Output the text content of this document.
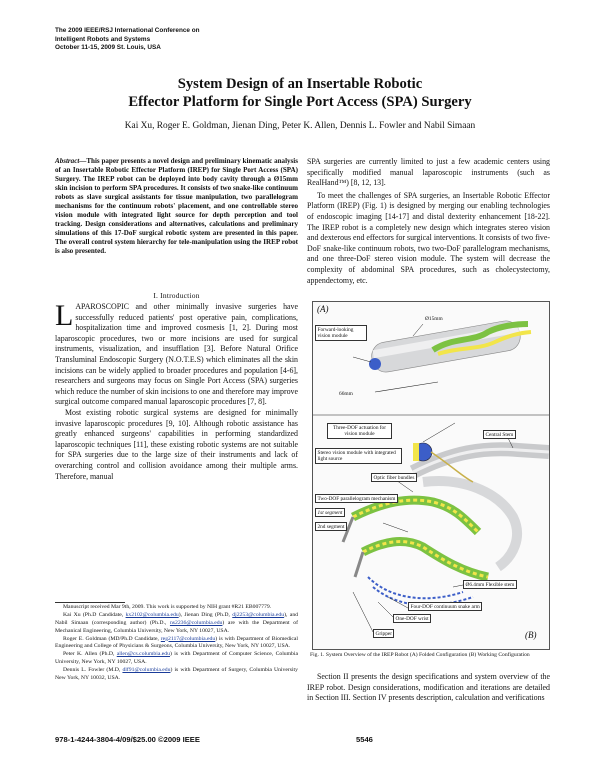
The 2009 IEEE/RSJ International Conference on
Intelligent Robots and Systems
October 11-15, 2009 St. Louis, USA
System Design of an Insertable Robotic
Effector Platform for Single Port Access (SPA) Surgery
Kai Xu, Roger E. Goldman, Jienan Ding, Peter K. Allen, Dennis L. Fowler and Nabil Simaan
Abstract—This paper presents a novel design and preliminary kinematic analysis of an Insertable Robotic Effector Platform (IREP) for Single Port Access (SPA) Surgery. The IREP robot can be deployed into body cavity through a Ø15mm skin incision to perform SPA procedures. It consists of two snake-like continuum robots as slave surgical assistants for tissue manipulation, two parallelogram mechanisms for the continuum robots' placement, and one controllable stereo vision module with integrated light source for depth perception and tool tracking. Design considerations and alternatives, calculations and preliminary simulations of this 17-DoF surgical robotic system are presented in this paper. The overall control system hierarchy for tele-manipulation using the IREP robot is also presented.
I. Introduction

LAPAROSCOPIC and other minimally invasive surgeries have successfully reduced patients' post operative pain, complications, hospitalization time and improved cosmesis [1, 2]. During most laparoscopic procedures, two or more incisions are used for surgical instruments, visualization, and insufflation [3]. Before Natural Orifice Transluminal Endoscopic Surgery (N.O.T.E.S) which eliminates all the skin incisions can be widely applied to broader procedures and population [4-6], researchers and surgeons may focus on Single Port Access (SPA) surgeries which reduce the number of skin incisions to one and therefore may improve surgical outcome compared manual laparoscopic procedures [7, 8].

Most existing robotic surgical systems are designed for minimally invasive laparoscopic procedures [9, 10]. Although robotic assistance has greatly enhanced surgeons' capabilities in performing standardized laparoscopic techniques [11], these existing robotic systems are not suitable for SPA surgeries due to the large size of their instruments and lack of overarching control and collision avoidance among their multiple arms. Therefore, manual

Manuscript received Mar 9th, 2009. This work is supported by NIH grant #R21 EB007779.

Kai Xu (Ph.D Candidate, kx2102@columbia.edu), Jienan Ding (Ph.D, dj2253@columbia.edu), and Nabil Simaan (corresponding author) (Ph.D., ns2236@columbia.edu) are with the Department of Mechanical Engineering, Columbia University, New York, NY 10027, USA.

Roger E. Goldman (MD/Ph.D Candidate, reg2117@columbia.edu) is with Department of Biomedical Engineering and College of Physicians & Surgeons, Columbia University, New York, NY 10027, USA.

Peter K. Allen (Ph.D, allen@cs.columbia.edu) is with Department of Computer Science, Columbia University, New York, NY 10027, USA.

Dennis L. Fowler (M.D, dlf91@columbia.edu) is with Department of Surgery, Columbia University New York, NY 10032, USA.

SPA surgeries are currently limited to just a few academic centers using specifically modified manual laparoscopic instruments (such as RealHand™) [8, 12, 13].

To meet the challenges of SPA surgeries, an Insertable Robotic Effector Platform (IREP) (Fig. 1) is designed by merging our enabling technologies of endoscopic imaging [14-17] and distal dexterity enhancement [18-22]. The IREP robot is a completely new design which integrates stereo vision and dexterous end effectors for surgical interventions. It consists of two five-DoF snake-like continuum robots, two two-DoF parallelogram mechanisms, and one three-DoF stereo vision module. The system will decrease the complexity of abdominal SPA procedures, such as cholecystectomy, appendectomy, etc.

(A)
Ø15mm
Forward-looking vision module
66mm
Three-DOF actuation for vision module	Central Stem
Stereo vision module with integrated light source
Optic fiber bundles
Two-DOF parallelogram mechanism
1st segment
2nd segment
Ø6.4mm Flexible stem
Four-DOF continuum snake arm
One-DOF wrist
Gripper	(B)
Fig. 1. System Overview of the IREP Robot (A) Folded Configuration (B) Working Configuration

Section II presents the design specifications and system overview of the IREP robot. Design considerations, modification and iterations are detailed in Section III. Section IV presents description, calculation and verifications

978-1-4244-3804-4/09/$25.00 ©2009 IEEE	5546
